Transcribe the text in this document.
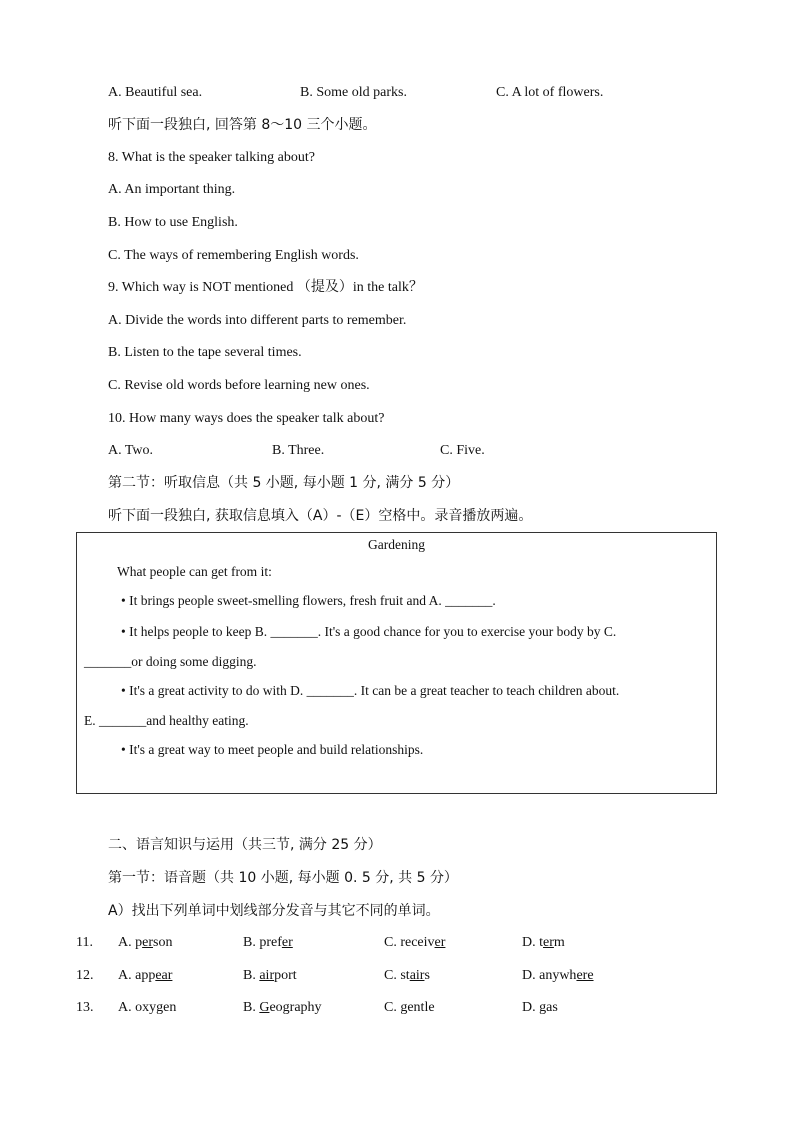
A. Beautiful sea.	B. Some old parks.	C. A lot of flowers.
听下面一段独白, 回答第 8～10 三个小题。
8. What is the speaker talking about?
A. An important thing.
B. How to use English.
C. The ways of remembering English words.
9. Which way is NOT mentioned （提及）in the talk？
A. Divide the words into different parts to remember.
B. Listen to the tape several times.
C. Revise old words before learning new ones.
10. How many ways does the speaker talk about?
A. Two.	B. Three.	C. Five.
第二节：听取信息（共 5 小题, 每小题 1 分, 满分 5 分）
听下面一段独白, 获取信息填入（A）-（E）空格中。录音播放两遍。
Gardening
What people can get from it:
• It brings people sweet-smelling flowers, fresh fruit and A. _______.
• It helps people to keep B. _______. It's a good chance for you to exercise your body by C.
_______or doing some digging.
• It's a great activity to do with D. _______. It can be a great teacher to teach children about.
E. _______and healthy eating.
• It's a great way to meet people and build relationships.
二、语言知识与运用（共三节, 满分 25 分）
第一节：语音题（共 10 小题, 每小题 0. 5 分, 共 5 分）
A）找出下列单词中划线部分发音与其它不同的单词。
11. A. person	B. prefer	C. receiver	D. term
12. A. appear	B. airport	C. stairs	D. anywhere
13. A. oxygen	B. Geography	C. gentle	D. gas
